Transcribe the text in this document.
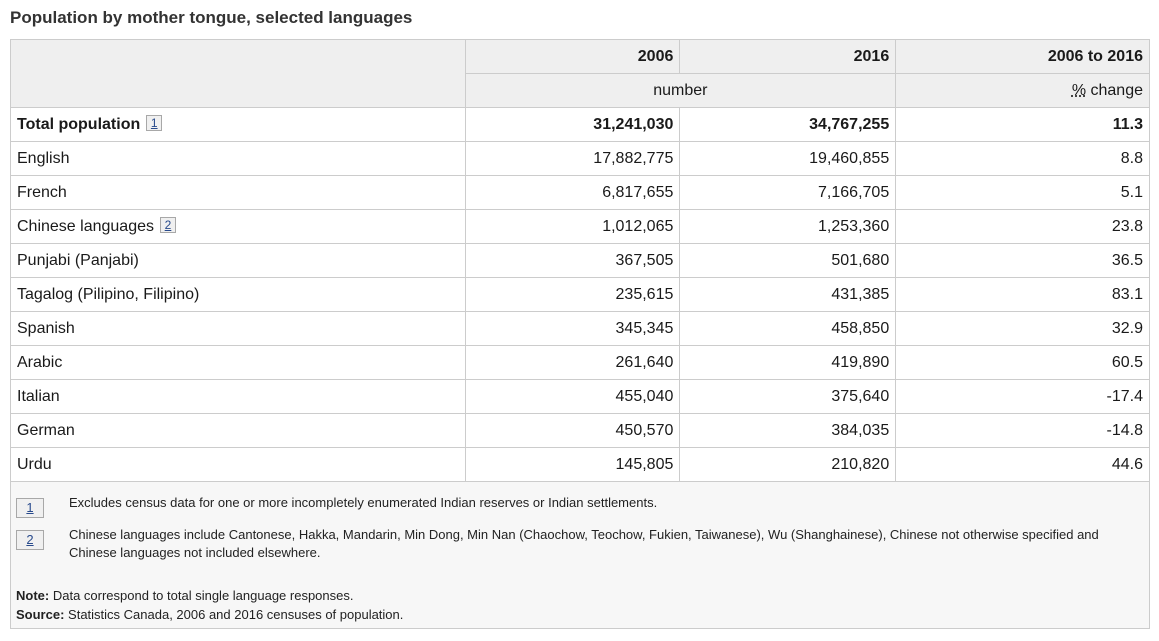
Population by mother tongue, selected languages
	2006	2016	2006 to 2016
	number		% change
Total population 1	31,241,030	34,767,255	11.3
English	17,882,775	19,460,855	8.8
French	6,817,655	7,166,705	5.1
Chinese languages 2	1,012,065	1,253,360	23.8
Punjabi (Panjabi)	367,505	501,680	36.5
Tagalog (Pilipino, Filipino)	235,615	431,385	83.1
Spanish	345,345	458,850	32.9
Arabic	261,640	419,890	60.5
Italian	455,040	375,640	-17.4
German	450,570	384,035	-14.8
Urdu	145,805	210,820	44.6
1	Excludes census data for one or more incompletely enumerated Indian reserves or Indian settlements.
2	Chinese languages include Cantonese, Hakka, Mandarin, Min Dong, Min Nan (Chaochow, Teochow, Fukien, Taiwanese), Wu (Shanghainese), Chinese not otherwise specified and Chinese languages not included elsewhere.
Note: Data correspond to total single language responses.
Source: Statistics Canada, 2006 and 2016 censuses of population.
